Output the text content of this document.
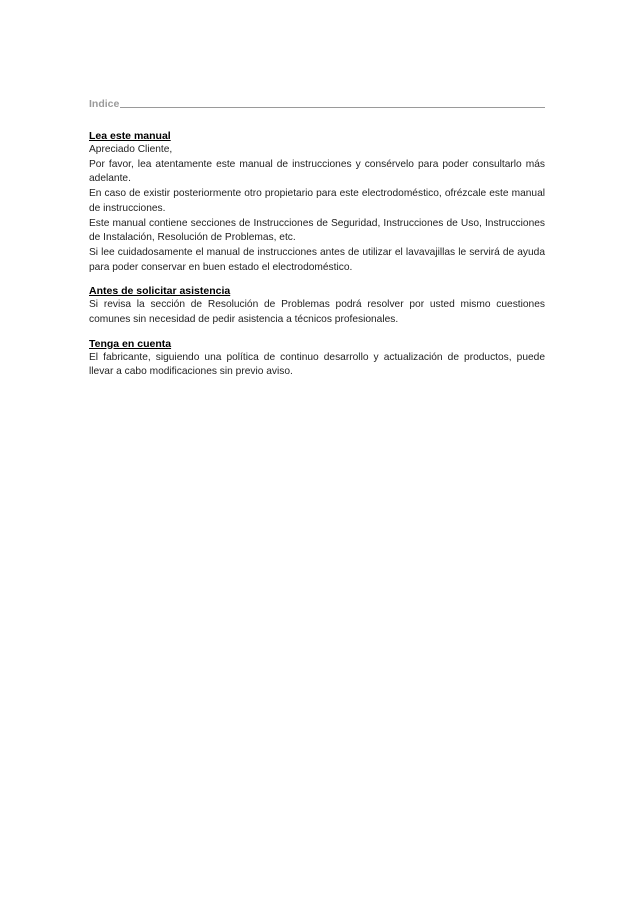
Indice
Lea este manual
Apreciado Cliente,
Por favor, lea atentamente este manual de instrucciones y consérvelo para poder consultarlo más adelante.
En caso de existir posteriormente otro propietario para este electrodoméstico, ofrézcale este manual de instrucciones.
Este manual contiene secciones de Instrucciones de Seguridad, Instrucciones de Uso, Instrucciones de Instalación, Resolución de Problemas, etc.
Si lee cuidadosamente el manual de instrucciones antes de utilizar el lavavajillas le servirá de ayuda para poder conservar en buen estado el electrodoméstico.
Antes de solicitar asistencia
Si revisa la sección de Resolución de Problemas podrá resolver por usted mismo cuestiones comunes sin necesidad de pedir asistencia a técnicos profesionales.
Tenga en cuenta
El fabricante, siguiendo una política de continuo desarrollo y actualización de productos, puede llevar a cabo modificaciones sin previo aviso.
